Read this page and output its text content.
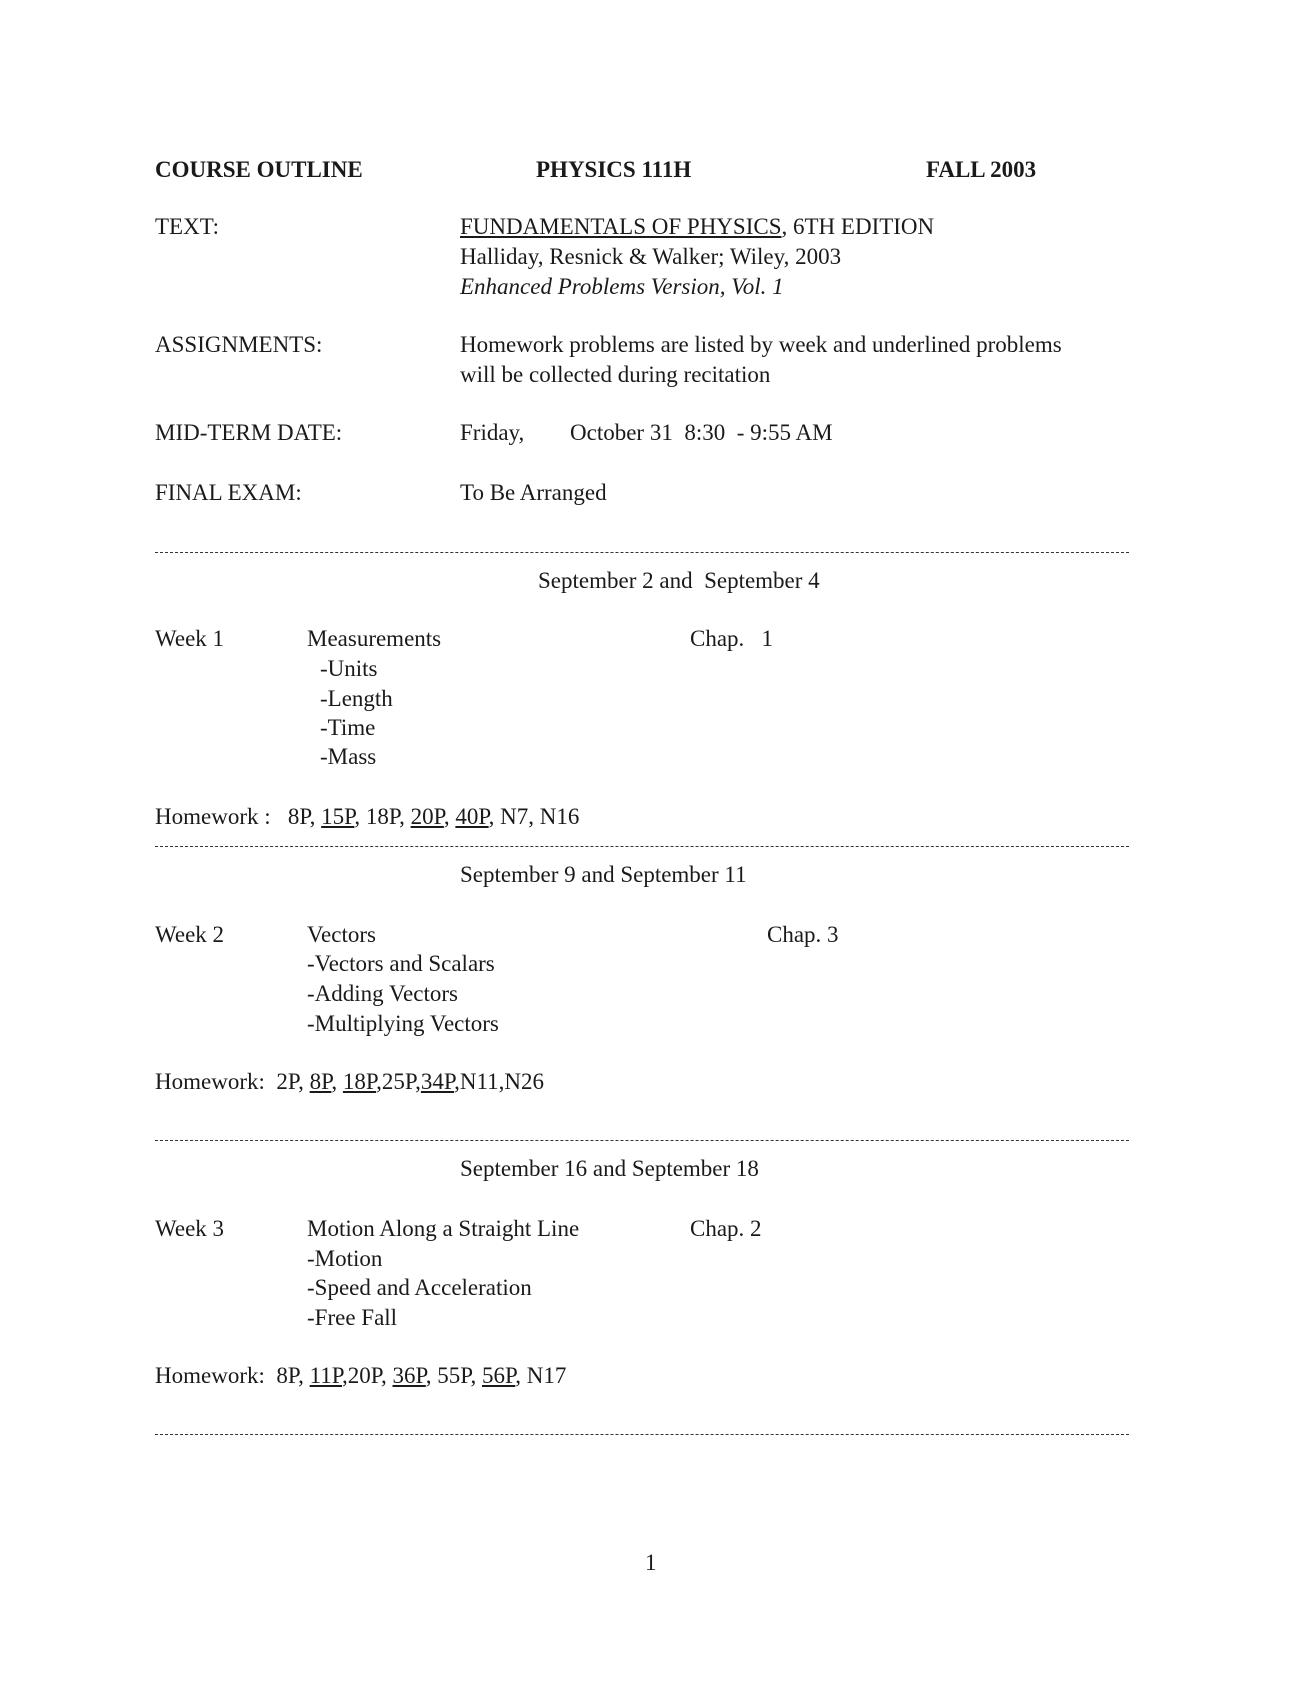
COURSE OUTLINE	PHYSICS 111H	FALL 2003
TEXT:	FUNDAMENTALS OF PHYSICS, 6TH EDITION
Halliday, Resnick & Walker; Wiley, 2003
Enhanced Problems Version, Vol. 1
ASSIGNMENTS:	Homework problems are listed by week and underlined problems
will be collected during recitation
MID-TERM DATE:	Friday, October 31  8:30  - 9:55 AM
FINAL EXAM:	To Be Arranged
September 2 and  September 4
Week 1	Measurements	Chap.   1
-Units
-Length
-Time
-Mass
Homework :   8P, 15P, 18P, 20P, 40P, N7, N16
September 9 and September 11
Week 2	Vectors	Chap. 3
-Vectors and Scalars
-Adding Vectors
-Multiplying Vectors
Homework:  2P, 8P, 18P,25P,34P,N11,N26
September 16 and September 18
Week 3	Motion Along a Straight Line	Chap. 2
-Motion
-Speed and Acceleration
-Free Fall
Homework:  8P, 11P,20P, 36P, 55P, 56P, N17
1
